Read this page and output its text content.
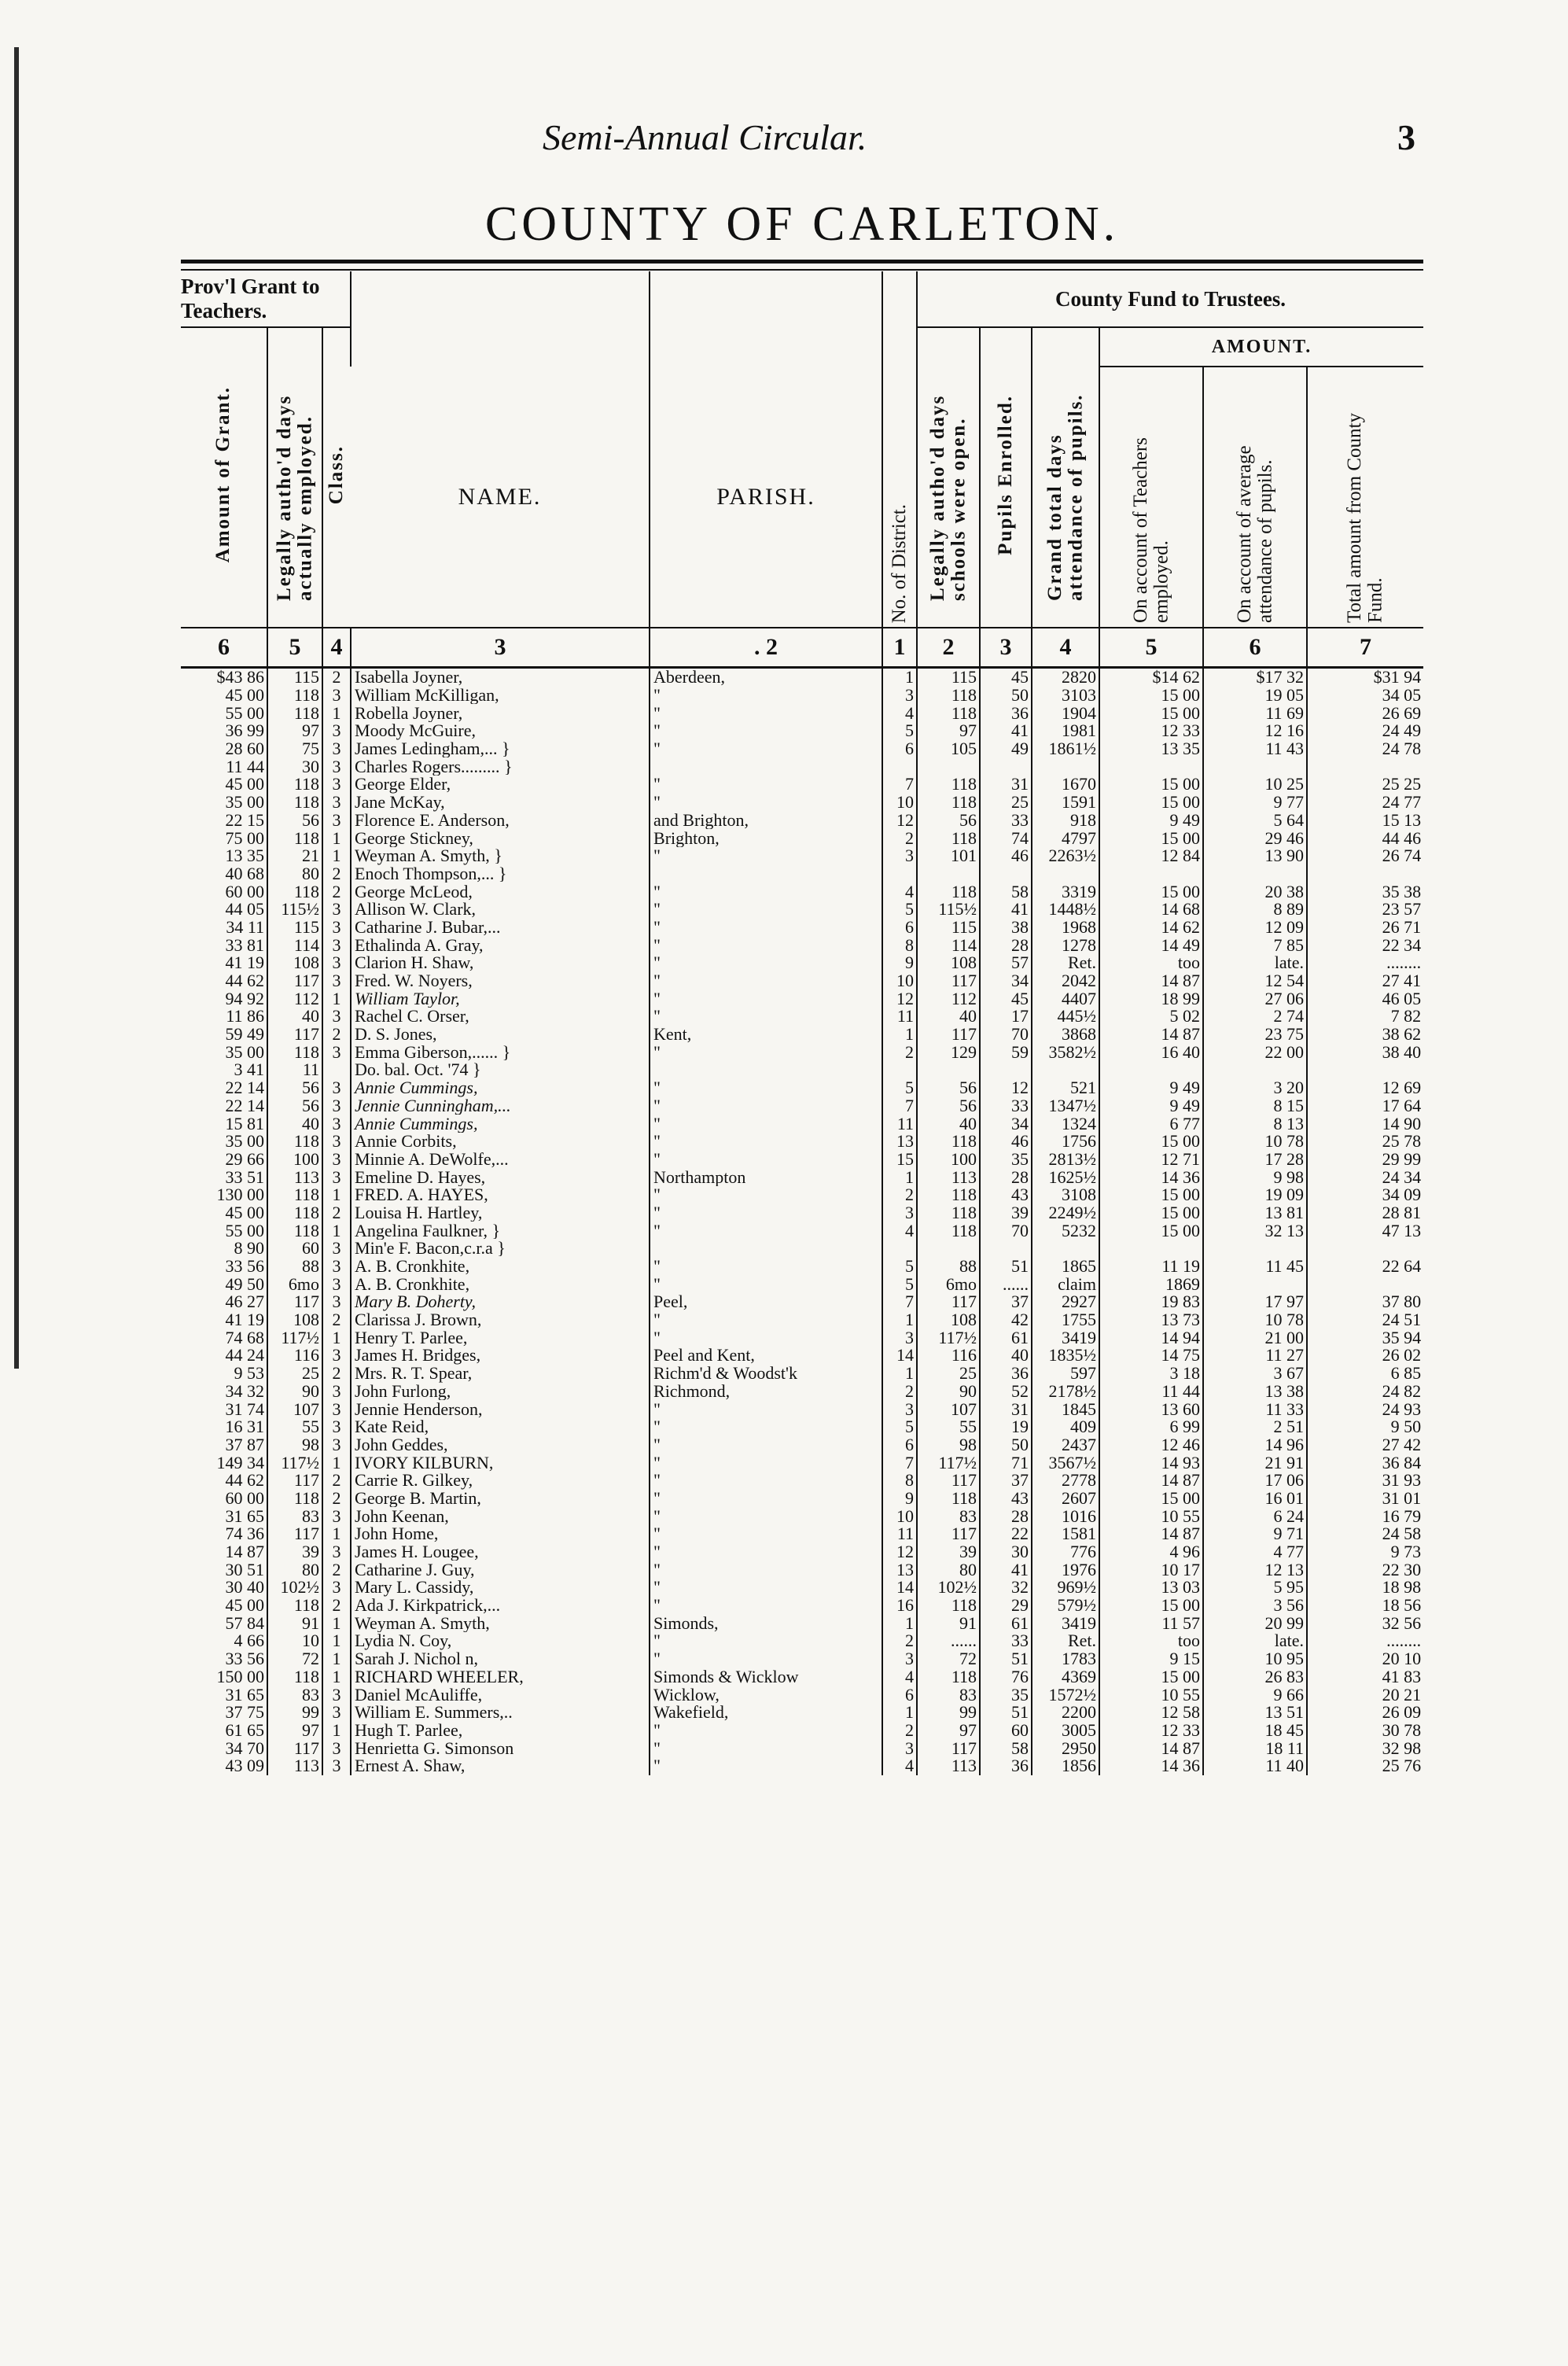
Semi-Annual Circular.	3
COUNTY OF CARLETON.
Prov'l Grant to Teachers.						County Fund to Trustees.					
Amount of Grant.	Legally autho'd days actually employed.	Class.				Legally autho'd days schools were open.	Pupils Enrolled.	Grand total days attendance of pupils.	AMOUNT.		
			NAME.	PARISH.	No. of District.				On account of Teachers employed.	On account of average attendance of pupils.	Total amount from County Fund.
6	5	4	3	. 2	1	2	3	4	5	6	7
$43 86	115	2	Isabella Joyner,	Aberdeen,	1	115	45	2820	$14 62	$17 32	$31 94
45 00	118	3	William McKilligan,	"	3	118	50	3103	15 00	19 05	34 05
55 00	118	1	Robella Joyner,	"	4	118	36	1904	15 00	11 69	26 69
36 99	97	3	Moody McGuire,	"	5	97	41	1981	12 33	12 16	24 49
28 60	75	3	James Ledingham,... }	"	6	105	49	1861½	13 35	11 43	24 78
11 44	30	3	Charles Rogers......... }								
45 00	118	3	George Elder,	"	7	118	31	1670	15 00	10 25	25 25
35 00	118	3	Jane McKay,	"	10	118	25	1591	15 00	9 77	24 77
22 15	56	3	Florence E. Anderson,	and Brighton,	12	56	33	918	9 49	5 64	15 13
75 00	118	1	George Stickney,	Brighton,	2	118	74	4797	15 00	29 46	44 46
13 35	21	1	Weyman A. Smyth, }	"	3	101	46	2263½	12 84	13 90	26 74
40 68	80	2	Enoch Thompson,... }								
60 00	118	2	George McLeod,	"	4	118	58	3319	15 00	20 38	35 38
44 05	115½	3	Allison W. Clark,	"	5	115½	41	1448½	14 68	8 89	23 57
34 11	115	3	Catharine J. Bubar,...	"	6	115	38	1968	14 62	12 09	26 71
33 81	114	3	Ethalinda A. Gray,	"	8	114	28	1278	14 49	7 85	22 34
41 19	108	3	Clarion H. Shaw,	"	9	108	57	Ret.	too	late.	........
44 62	117	3	Fred. W. Noyers,	"	10	117	34	2042	14 87	12 54	27 41
94 92	112	1	William Taylor,	"	12	112	45	4407	18 99	27 06	46 05
11 86	40	3	Rachel C. Orser,	"	11	40	17	445½	5 02	2 74	7 82
59 49	117	2	D. S. Jones,	Kent,	1	117	70	3868	14 87	23 75	38 62
35 00	118	3	Emma Giberson,...... }	"	2	129	59	3582½	16 40	22 00	38 40
3 41	11		Do. bal. Oct. '74 }								
22 14	56	3	Annie Cummings,	"	5	56	12	521	9 49	3 20	12 69
22 14	56	3	Jennie Cunningham,...	"	7	56	33	1347½	9 49	8 15	17 64
15 81	40	3	Annie Cummings,	"	11	40	34	1324	6 77	8 13	14 90
35 00	118	3	Annie Corbits,	"	13	118	46	1756	15 00	10 78	25 78
29 66	100	3	Minnie A. DeWolfe,...	"	15	100	35	2813½	12 71	17 28	29 99
33 51	113	3	Emeline D. Hayes,	Northampton	1	113	28	1625½	14 36	9 98	24 34
130 00	118	1	FRED. A. HAYES,	"	2	118	43	3108	15 00	19 09	34 09
45 00	118	2	Louisa H. Hartley,	"	3	118	39	2249½	15 00	13 81	28 81
55 00	118	1	Angelina Faulkner, }	"	4	118	70	5232	15 00	32 13	47 13
8 90	60	3	Min'e F. Bacon,c.r.a }								
33 56	88	3	A. B. Cronkhite,	"	5	88	51	1865	11 19	11 45	22 64
49 50	6mo	3	A. B. Cronkhite,	"	5	6mo	......	claim	1869		
46 27	117	3	Mary B. Doherty,	Peel,	7	117	37	2927	19 83	17 97	37 80
41 19	108	2	Clarissa J. Brown,	"	1	108	42	1755	13 73	10 78	24 51
74 68	117½	1	Henry T. Parlee,	"	3	117½	61	3419	14 94	21 00	35 94
44 24	116	3	James H. Bridges,	Peel and Kent,	14	116	40	1835½	14 75	11 27	26 02
9 53	25	2	Mrs. R. T. Spear,	Richm'd & Woodst'k	1	25	36	597	3 18	3 67	6 85
34 32	90	3	John Furlong,	Richmond,	2	90	52	2178½	11 44	13 38	24 82
31 74	107	3	Jennie Henderson,	"	3	107	31	1845	13 60	11 33	24 93
16 31	55	3	Kate Reid,	"	5	55	19	409	6 99	2 51	9 50
37 87	98	3	John Geddes,	"	6	98	50	2437	12 46	14 96	27 42
149 34	117½	1	IVORY KILBURN,	"	7	117½	71	3567½	14 93	21 91	36 84
44 62	117	2	Carrie R. Gilkey,	"	8	117	37	2778	14 87	17 06	31 93
60 00	118	2	George B. Martin,	"	9	118	43	2607	15 00	16 01	31 01
31 65	83	3	John Keenan,	"	10	83	28	1016	10 55	6 24	16 79
74 36	117	1	John Home,	"	11	117	22	1581	14 87	9 71	24 58
14 87	39	3	James H. Lougee,	"	12	39	30	776	4 96	4 77	9 73
30 51	80	2	Catharine J. Guy,	"	13	80	41	1976	10 17	12 13	22 30
30 40	102½	3	Mary L. Cassidy,	"	14	102½	32	969½	13 03	5 95	18 98
45 00	118	2	Ada J. Kirkpatrick,...	"	16	118	29	579½	15 00	3 56	18 56
57 84	91	1	Weyman A. Smyth,	Simonds,	1	91	61	3419	11 57	20 99	32 56
4 66	10	1	Lydia N. Coy,	"	2	......	33	Ret.	too	late.	........
33 56	72	1	Sarah J. Nichol n,	"	3	72	51	1783	9 15	10 95	20 10
150 00	118	1	RICHARD WHEELER,	Simonds & Wicklow	4	118	76	4369	15 00	26 83	41 83
31 65	83	3	Daniel McAuliffe,	Wicklow,	6	83	35	1572½	10 55	9 66	20 21
37 75	99	3	William E. Summers,..	Wakefield,	1	99	51	2200	12 58	13 51	26 09
61 65	97	1	Hugh T. Parlee,	"	2	97	60	3005	12 33	18 45	30 78
34 70	117	3	Henrietta G. Simonson	"	3	117	58	2950	14 87	18 11	32 98
43 09	113	3	Ernest A. Shaw,	"	4	113	36	1856	14 36	11 40	25 76
